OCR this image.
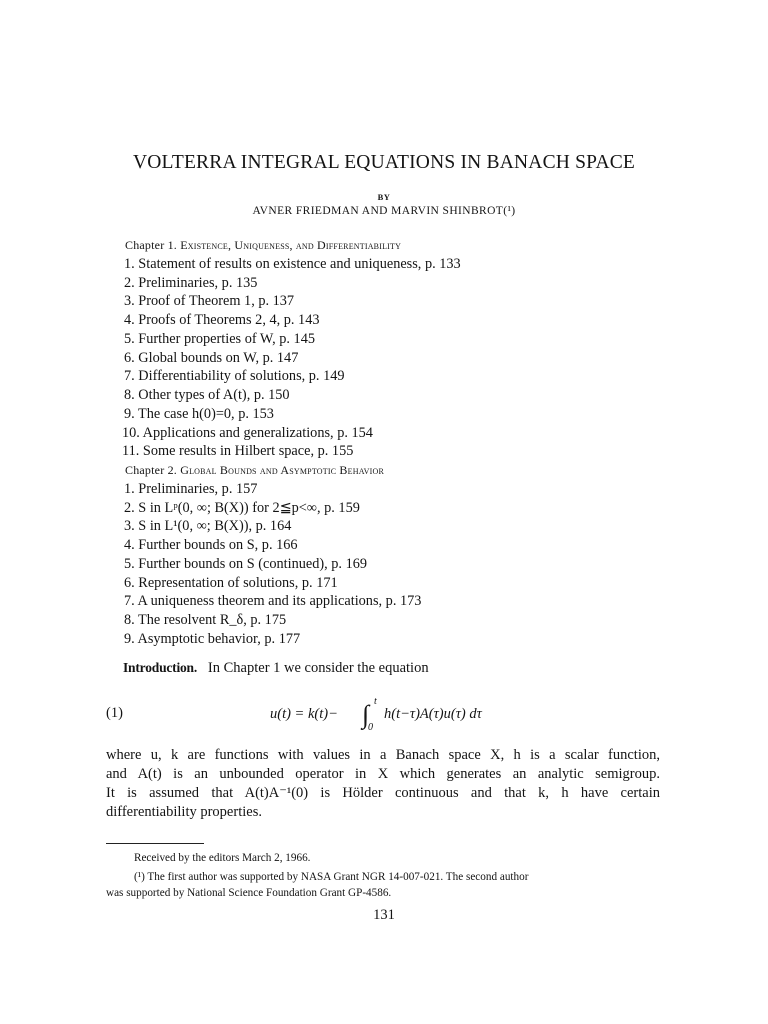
VOLTERRA INTEGRAL EQUATIONS IN BANACH SPACE
BY
AVNER FRIEDMAN AND MARVIN SHINBROT(¹)
Chapter 1. Existence, Uniqueness, and Differentiability
1. Statement of results on existence and uniqueness, p. 133
2. Preliminaries, p. 135
3. Proof of Theorem 1, p. 137
4. Proofs of Theorems 2, 4, p. 143
5. Further properties of W, p. 145
6. Global bounds on W, p. 147
7. Differentiability of solutions, p. 149
8. Other types of A(t), p. 150
9. The case h(0)=0, p. 153
10. Applications and generalizations, p. 154
11. Some results in Hilbert space, p. 155
Chapter 2. Global Bounds and Asymptotic Behavior
1. Preliminaries, p. 157
2. S in Lᵖ(0, ∞; B(X)) for 2≦p<∞, p. 159
3. S in L¹(0, ∞; B(X)), p. 164
4. Further bounds on S, p. 166
5. Further bounds on S (continued), p. 169
6. Representation of solutions, p. 171
7. A uniqueness theorem and its applications, p. 173
8. The resolvent R_δ, p. 175
9. Asymptotic behavior, p. 177
Introduction. In Chapter 1 we consider the equation
(1)	u(t) = k(t)− ∫ t
0
h(t−τ)A(τ)u(τ) dτ
where u, k are functions with values in a Banach space X, h is a scalar function,
and A(t) is an unbounded operator in X which generates an analytic semigroup.
It is assumed that A(t)A⁻¹(0) is Hölder continuous and that k, h have certain
differentiability properties.
Received by the editors March 2, 1966.
(¹) The first author was supported by NASA Grant NGR 14-007-021. The second author
was supported by National Science Foundation Grant GP-4586.
131
